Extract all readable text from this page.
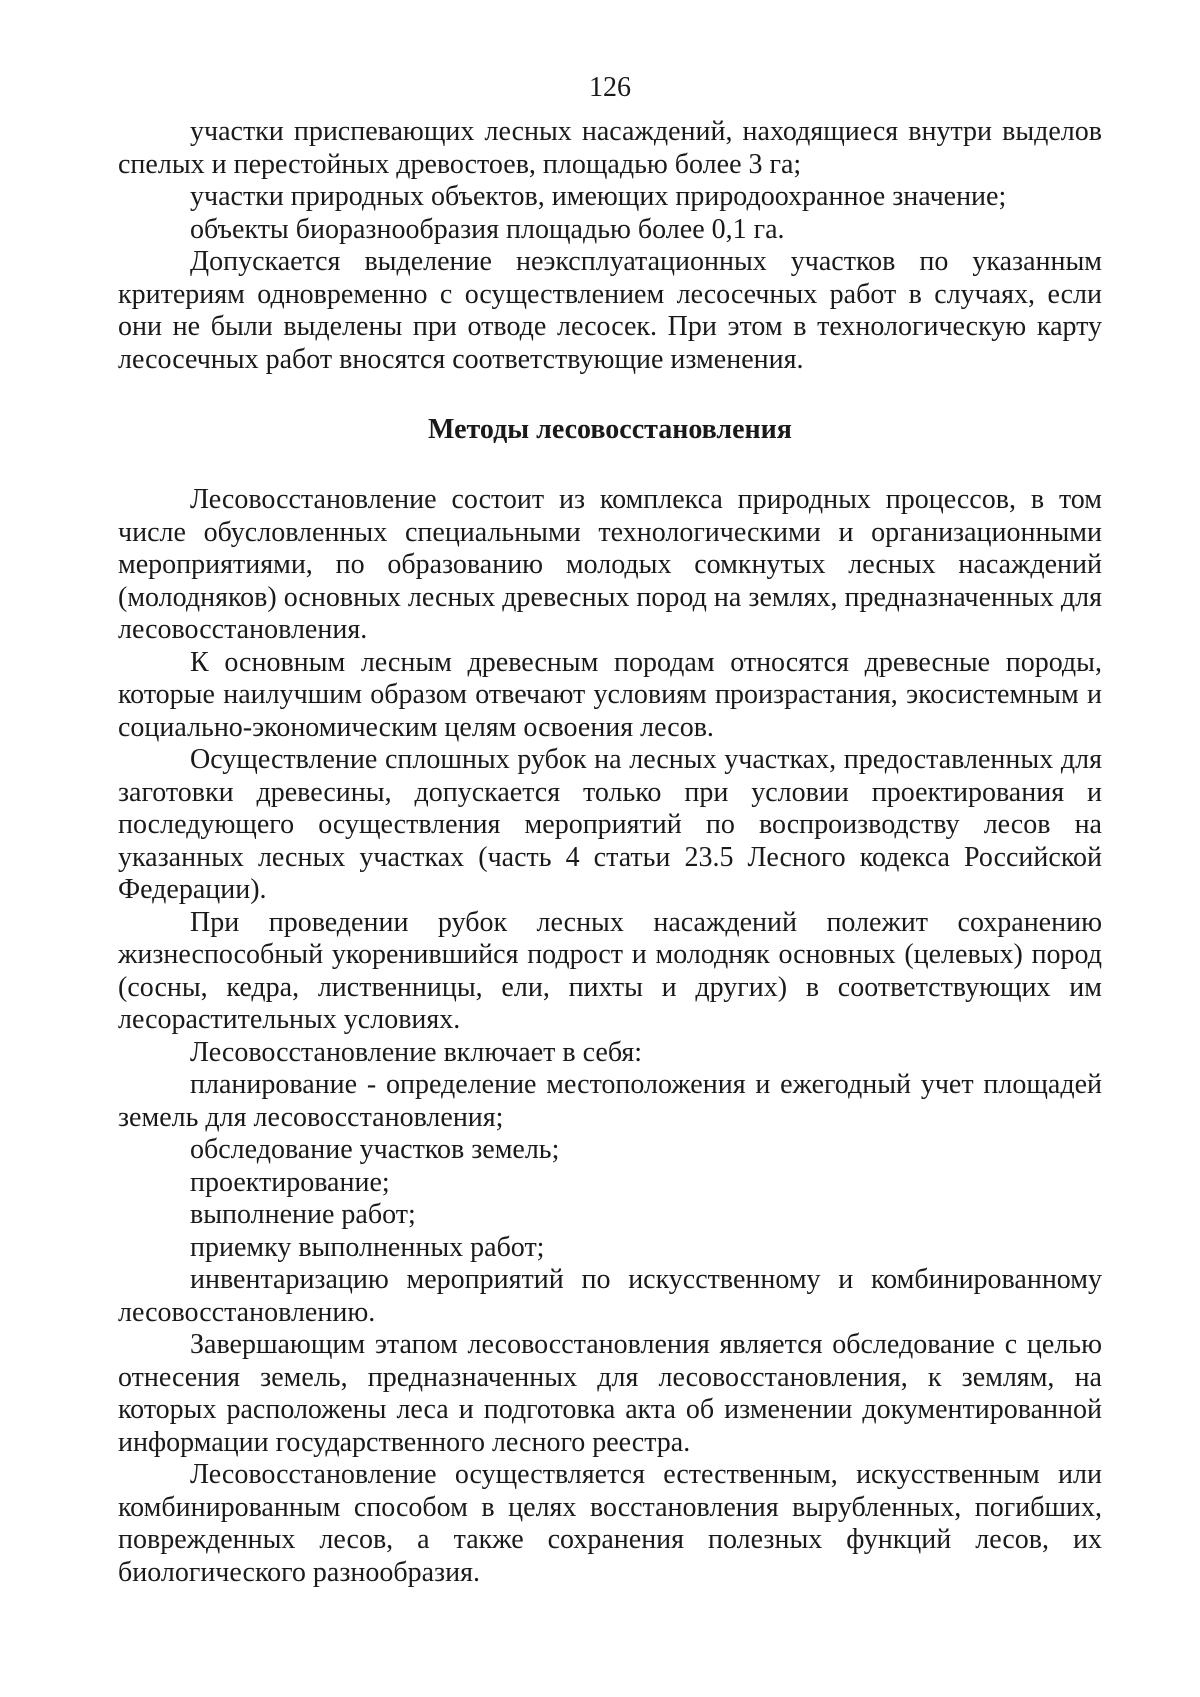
126

участки приспевающих лесных насаждений, находящиеся внутри выделов спелых и перестойных древостоев, площадью более 3 га;

участки природных объектов, имеющих природоохранное значение;

объекты биоразнообразия площадью более 0,1 га.

Допускается выделение неэксплуатационных участков по указанным критериям одновременно с осуществлением лесосечных работ в случаях, если они не были выделены при отводе лесосек. При этом в технологическую карту лесосечных работ вносятся соответствующие изменения.

Методы лесовосстановления

Лесовосстановление состоит из комплекса природных процессов, в том числе обусловленных специальными технологическими и организационными мероприятиями, по образованию молодых сомкнутых лесных насаждений (молодняков) основных лесных древесных пород на землях, предназначенных для лесовосстановления.

К основным лесным древесным породам относятся древесные породы, которые наилучшим образом отвечают условиям произрастания, экосистемным и социально-экономическим целям освоения лесов.

Осуществление сплошных рубок на лесных участках, предоставленных для заготовки древесины, допускается только при условии проектирования и последующего осуществления мероприятий по воспроизводству лесов на указанных лесных участках (часть 4 статьи 23.5 Лесного кодекса Российской Федерации).

При проведении рубок лесных насаждений полежит сохранению жизнеспособный укоренившийся подрост и молодняк основных (целевых) пород (сосны, кедра, лиственницы, ели, пихты и других) в соответствующих им лесорастительных условиях.

Лесовосстановление включает в себя:

планирование - определение местоположения и ежегодный учет площадей земель для лесовосстановления;

обследование участков земель;

проектирование;

выполнение работ;

приемку выполненных работ;

инвентаризацию мероприятий по искусственному и комбинированному лесовосстановлению.

Завершающим этапом лесовосстановления является обследование с целью отнесения земель, предназначенных для лесовосстановления, к землям, на которых расположены леса и подготовка акта об изменении документированной информации государственного лесного реестра.

Лесовосстановление осуществляется естественным, искусственным или комбинированным способом в целях восстановления вырубленных, погибших, поврежденных лесов, а также сохранения полезных функций лесов, их биологического разнообразия.
